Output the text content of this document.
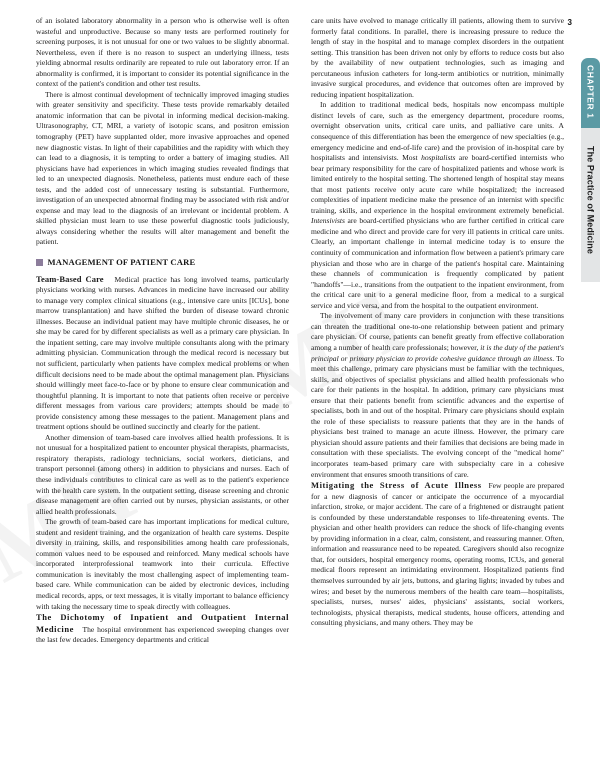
3
CHAPTER 1
The Practice of Medicine

of an isolated laboratory abnormality in a person who is otherwise well is often wasteful and unproductive. Because so many tests are performed routinely for screening purposes, it is not unusual for one or two values to be slightly abnormal. Nevertheless, even if there is no reason to suspect an underlying illness, tests yielding abnormal results ordinarily are repeated to rule out laboratory error. If an abnormality is confirmed, it is important to consider its potential significance in the context of the patient's condition and other test results.

There is almost continual development of technically improved imaging studies with greater sensitivity and specificity. These tests provide remarkably detailed anatomic information that can be pivotal in informing medical decision-making. Ultrasonography, CT, MRI, a variety of isotopic scans, and positron emission tomography (PET) have supplanted older, more invasive approaches and opened new diagnostic vistas. In light of their capabilities and the rapidity with which they can lead to a diagnosis, it is tempting to order a battery of imaging studies. All physicians have had experiences in which imaging studies revealed findings that led to an unexpected diagnosis. Nonetheless, patients must endure each of these tests, and the added cost of unnecessary testing is substantial. Furthermore, investigation of an unexpected abnormal finding may be associated with risk and/or expense and may lead to the diagnosis of an irrelevant or incidental problem. A skilled physician must learn to use these powerful diagnostic tools judiciously, always considering whether the results will alter management and benefit the patient.

MANAGEMENT OF PATIENT CARE

Team-Based Care Medical practice has long involved teams, particularly physicians working with nurses. Advances in medicine have increased our ability to manage very complex clinical situations (e.g., intensive care units [ICUs], bone marrow transplantation) and have shifted the burden of disease toward chronic illnesses. Because an individual patient may have multiple chronic diseases, he or she may be cared for by different specialists as well as a primary care physician. In the inpatient setting, care may involve multiple consultants along with the primary admitting physician. Communication through the medical record is necessary but not sufficient, particularly when patients have complex medical problems or when difficult decisions need to be made about the optimal management plan. Physicians should willingly meet face-to-face or by phone to ensure clear communication and thoughtful planning. It is important to note that patients often receive or perceive different messages from various care providers; attempts should be made to provide consistency among these messages to the patient. Management plans and treatment options should be outlined succinctly and clearly for the patient.

Another dimension of team-based care involves allied health professions. It is not unusual for a hospitalized patient to encounter physical therapists, pharmacists, respiratory therapists, radiology technicians, social workers, dieticians, and transport personnel (among others) in addition to physicians and nurses. Each of these individuals contributes to clinical care as well as to the patient's experience with the health care system. In the outpatient setting, disease screening and chronic disease management are often carried out by nurses, physician assistants, or other allied health professionals.

The growth of team-based care has important implications for medical culture, student and resident training, and the organization of health care systems. Despite diversity in training, skills, and responsibilities among health care professionals, common values need to be espoused and reinforced. Many medical schools have incorporated interprofessional teamwork into their curricula. Effective communication is inevitably the most challenging aspect of implementing team-based care. While communication can be aided by electronic devices, including medical records, apps, or text messages, it is vitally important to balance efficiency with taking the necessary time to speak directly with colleagues.

The Dichotomy of Inpatient and Outpatient Internal Medicine The hospital environment has experienced sweeping changes over the last few decades. Emergency departments and critical

care units have evolved to manage critically ill patients, allowing them to survive formerly fatal conditions. In parallel, there is increasing pressure to reduce the length of stay in the hospital and to manage complex disorders in the outpatient setting. This transition has been driven not only by efforts to reduce costs but also by the availability of new outpatient technologies, such as imaging and percutaneous infusion catheters for long-term antibiotics or nutrition, minimally invasive surgical procedures, and evidence that outcomes often are improved by reducing inpatient hospitalization.

In addition to traditional medical beds, hospitals now encompass multiple distinct levels of care, such as the emergency department, procedure rooms, overnight observation units, critical care units, and palliative care units. A consequence of this differentiation has been the emergence of new specialties (e.g., emergency medicine and end-of-life care) and the provision of in-hospital care by hospitalists and intensivists. Most hospitalists are board-certified internists who bear primary responsibility for the care of hospitalized patients and whose work is limited entirely to the hospital setting. The shortened length of hospital stay means that most patients receive only acute care while hospitalized; the increased complexities of inpatient medicine make the presence of an internist with specific training, skills, and experience in the hospital environment extremely beneficial. Intensivists are board-certified physicians who are further certified in critical care medicine and who direct and provide care for very ill patients in critical care units. Clearly, an important challenge in internal medicine today is to ensure the continuity of communication and information flow between a patient's primary care physician and those who are in charge of the patient's hospital care. Maintaining these channels of communication is frequently complicated by patient "handoffs"—i.e., transitions from the outpatient to the inpatient environment, from the critical care unit to a general medicine floor, from a medical to a surgical service and vice versa, and from the hospital to the outpatient environment.

The involvement of many care providers in conjunction with these transitions can threaten the traditional one-to-one relationship between patient and primary care physician. Of course, patients can benefit greatly from effective collaboration among a number of health care professionals; however, it is the duty of the patient's principal or primary physician to provide cohesive guidance through an illness. To meet this challenge, primary care physicians must be familiar with the techniques, skills, and objectives of specialist physicians and allied health professionals who care for their patients in the hospital. In addition, primary care physicians must ensure that their patients benefit from scientific advances and the expertise of specialists, both in and out of the hospital. Primary care physicians should explain the role of these specialists to reassure patients that they are in the hands of physicians best trained to manage an acute illness. However, the primary care physician should assure patients and their families that decisions are being made in consultation with these specialists. The evolving concept of the "medical home" incorporates team-based primary care with subspecialty care in a cohesive environment that ensures smooth transitions of care.

Mitigating the Stress of Acute Illness Few people are prepared for a new diagnosis of cancer or anticipate the occurrence of a myocardial infarction, stroke, or major accident. The care of a frightened or distraught patient is confounded by these understandable responses to life-threatening events. The physician and other health providers can reduce the shock of life-changing events by providing information in a clear, calm, consistent, and reassuring manner. Often, information and reassurance need to be repeated. Caregivers should also recognize that, for outsiders, hospital emergency rooms, operating rooms, ICUs, and general medical floors represent an intimidating environment. Hospitalized patients find themselves surrounded by air jets, buttons, and glaring lights; invaded by tubes and wires; and beset by the numerous members of the health care team—hospitalists, specialists, nurses, nurses' aides, physicians' assistants, social workers, technologists, physical therapists, medical students, house officers, attending and consulting physicians, and many others. They may be
